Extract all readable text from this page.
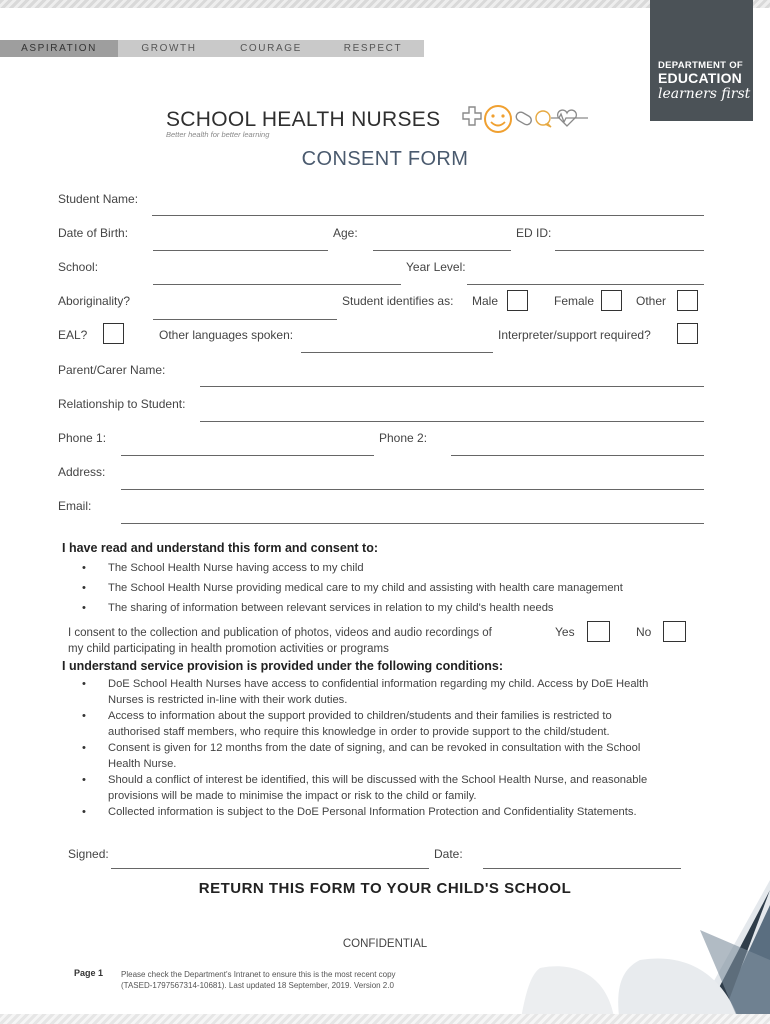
ASPIRATION	GROWTH	COURAGE	RESPECT
DEPARTMENT OF
EDUCATION
learners first
SCHOOL HEALTH NURSES
Better health for better learning
CONSENT FORM
Student Name:
Date of Birth:	Age:	ED ID:
School:	Year Level:
Aboriginality?	Student identifies as: Male	Female	Other
EAL?	Other languages spoken:	Interpreter/support required?
Parent/Carer Name:
Relationship to Student:
Phone 1:	Phone 2:
Address:
Email:
I have read and understand this form and consent to:
• The School Health Nurse having access to my child
• The School Health Nurse providing medical care to my child and assisting with health care management
• The sharing of information between relevant services in relation to my child's health needs
I consent to the collection and publication of photos, videos and audio recordings of
my child participating in health promotion activities or programs
Yes	No
I understand service provision is provided under the following conditions:
• DoE School Health Nurses have access to confidential information regarding my child. Access by DoE Health
Nurses is restricted in-line with their work duties.
• Access to information about the support provided to children/students and their families is restricted to
authorised staff members, who require this knowledge in order to provide support to the child/student.
• Consent is given for 12 months from the date of signing, and can be revoked in consultation with the School
Health Nurse.
• Should a conflict of interest be identified, this will be discussed with the School Health Nurse, and reasonable
provisions will be made to minimise the impact or risk to the child or family.
• Collected information is subject to the DoE Personal Information Protection and Confidentiality Statements.
Signed:	Date:
RETURN THIS FORM TO YOUR CHILD'S SCHOOL
CONFIDENTIAL
Page 1 Please check the Department's Intranet to ensure this is the most recent copy
(TASED-1797567314-10681). Last updated 18 September, 2019. Version 2.0
